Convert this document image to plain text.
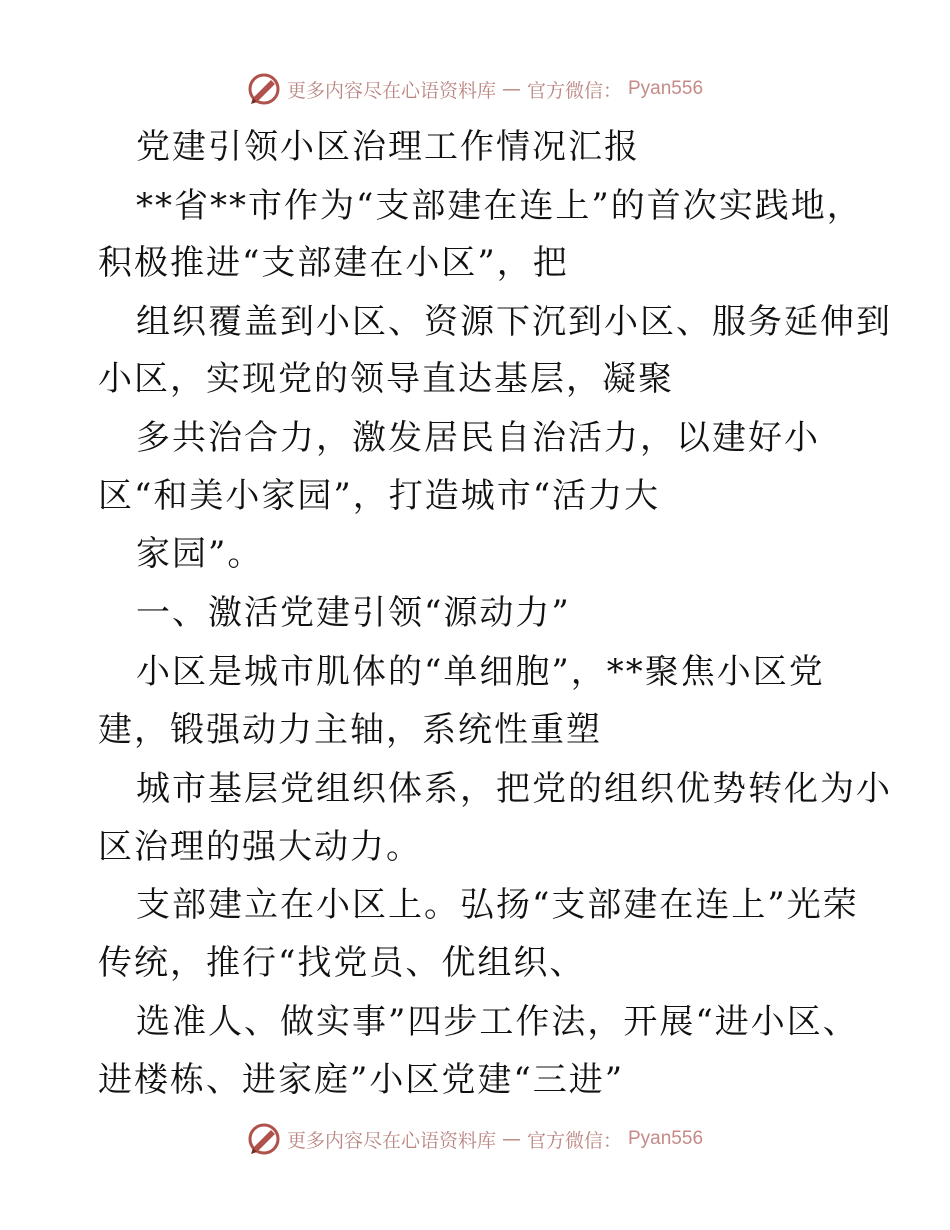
更多内容尽在心语资料库 — 官方微信： Pyan556
党建引领小区治理工作情况汇报
**省**市作为“支部建在连上”的首次实践地，
积极推进“支部建在小区”，把
组织覆盖到小区、资源下沉到小区、服务延伸到
小区，实现党的领导直达基层，凝聚
多共治合力，激发居民自治活力，以建好小
区“和美小家园”，打造城市“活力大
家园”。
一、激活党建引领“源动力”
小区是城市肌体的“单细胞”，**聚焦小区党
建，锻强动力主轴，系统性重塑
城市基层党组织体系，把党的组织优势转化为小
区治理的强大动力。
支部建立在小区上。弘扬“支部建在连上”光荣
传统，推行“找党员、优组织、
选准人、做实事”四步工作法，开展“进小区、
进楼栋、进家庭”小区党建“三进”
更多内容尽在心语资料库 — 官方微信： Pyan556
